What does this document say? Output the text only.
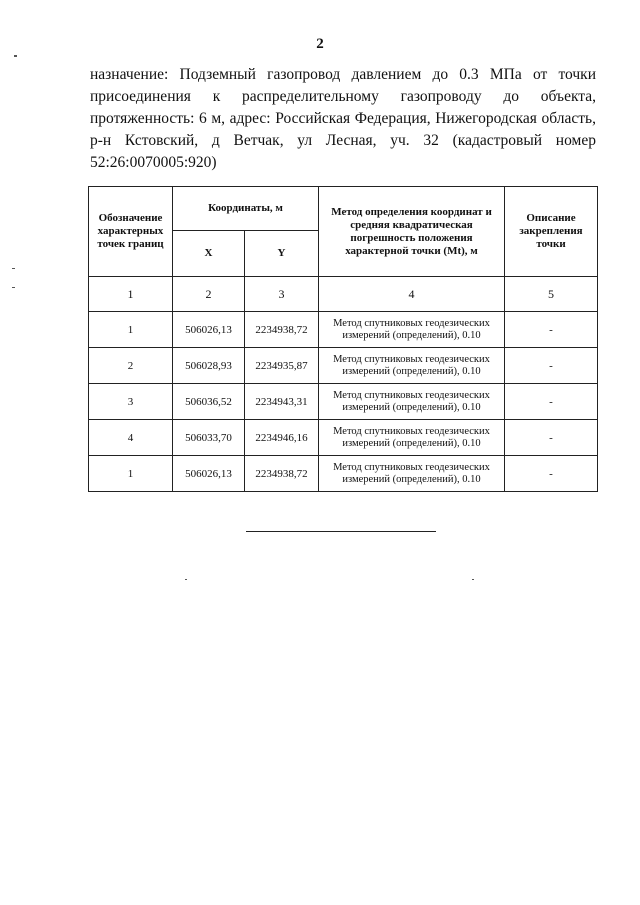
2
назначение: Подземный газопровод давлением до 0.3 МПа от точки присоединения к распределительному газопроводу до объекта, протяженность: 6 м, адрес: Российская Федерация, Нижегородская область, р-н Кстовский, д Ветчак, ул Лесная, уч. 32 (кадастровый номер 52:26:0070005:920)
Обозначение характерных точек границ	Координаты, м		Метод определения координат и средняя квадратическая погрешность положения характерной точки (Mt), м	Описание закрепления точки
	X	Y		
1	2	3	4	5
1	506026,13	2234938,72	Метод спутниковых геодезических измерений (определений), 0.10	-
2	506028,93	2234935,87	Метод спутниковых геодезических измерений (определений), 0.10	-
3	506036,52	2234943,31	Метод спутниковых геодезических измерений (определений), 0.10	-
4	506033,70	2234946,16	Метод спутниковых геодезических измерений (определений), 0.10	-
1	506026,13	2234938,72	Метод спутниковых геодезических измерений (определений), 0.10	-
